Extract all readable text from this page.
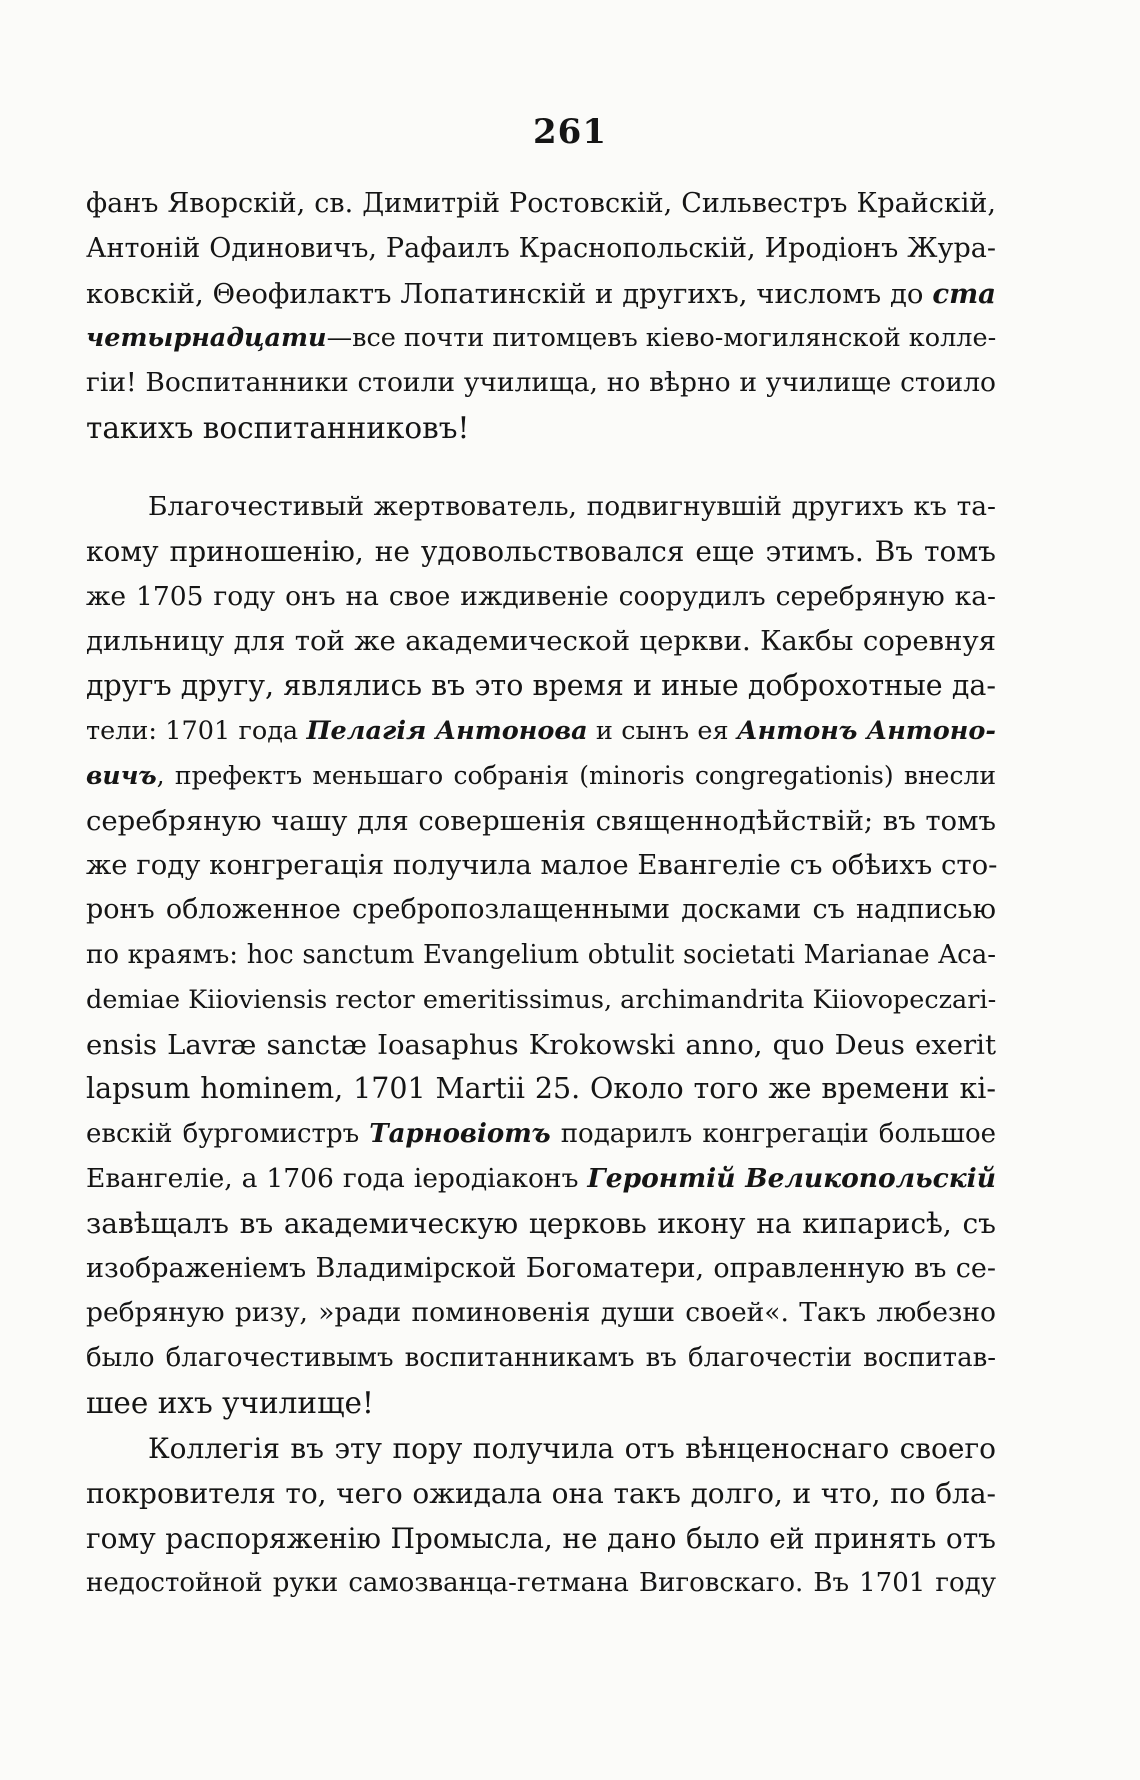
261
фанъ Яворскій, св. Димитрій Ростовскій, Сильвестръ Крайскій,
Антоній Одиновичъ, Рафаилъ Краснопольскій, Иродіонъ Жура-
ковскій, Θеофилактъ Лопатинскій и другихъ, числомъ до ста
четырнадцати—все почти питомцевъ кіево-могилянской колле-
гіи! Воспитанники стоили училища, но вѣрно и училище стоило
такихъ воспитанниковъ!
Благочестивый жертвователь, подвигнувшій другихъ къ та-
кому приношенію, не удовольствовался еще этимъ. Въ томъ
же 1705 году онъ на свое иждивеніе соорудилъ серебряную ка-
дильницу для той же академической церкви. Какбы соревнуя
другъ другу, являлись въ это время и иные доброхотные да-
тели: 1701 года Пелагія Антонова и сынъ ея Антонъ Антоно-
вичъ, префектъ меньшаго собранія (minoris congregationis) внесли
серебряную чашу для совершенія священнодѣйствій; въ томъ
же году конгрегація получила малое Евангеліе съ обѣихъ сто-
ронъ обложенное сребропозлащенными досками съ надписью
по краямъ: hoc sanctum Evangelium obtulit societati Marianae Aca-
demiae Kiioviensis rector emeritissimus, archimandrita Kiiovopeczari-
ensis Lavræ sanctæ Ioasaphus Krokowski anno, quo Deus exerit
lapsum hominem, 1701 Martii 25. Около того же времени кі-
евскій бургомистръ Тарновіотъ подарилъ конгрегаціи большое
Евангеліе, а 1706 года іеродіаконъ Геронтій Великопольскій
завѣщалъ въ академическую церковь икону на кипарисѣ, съ
изображеніемъ Владимірской Богоматери, оправленную въ се-
ребряную ризу, »ради поминовенія души своей«. Такъ любезно
было благочестивымъ воспитанникамъ въ благочестіи воспитав-
шее ихъ училище!
Коллегія въ эту пору получила отъ вѣнценоснаго своего
покровителя то, чего ожидала она такъ долго, и что, по бла-
гому распоряженію Промысла, не дано было ей принять отъ
недостойной руки самозванца-гетмана Виговскаго. Въ 1701 году
